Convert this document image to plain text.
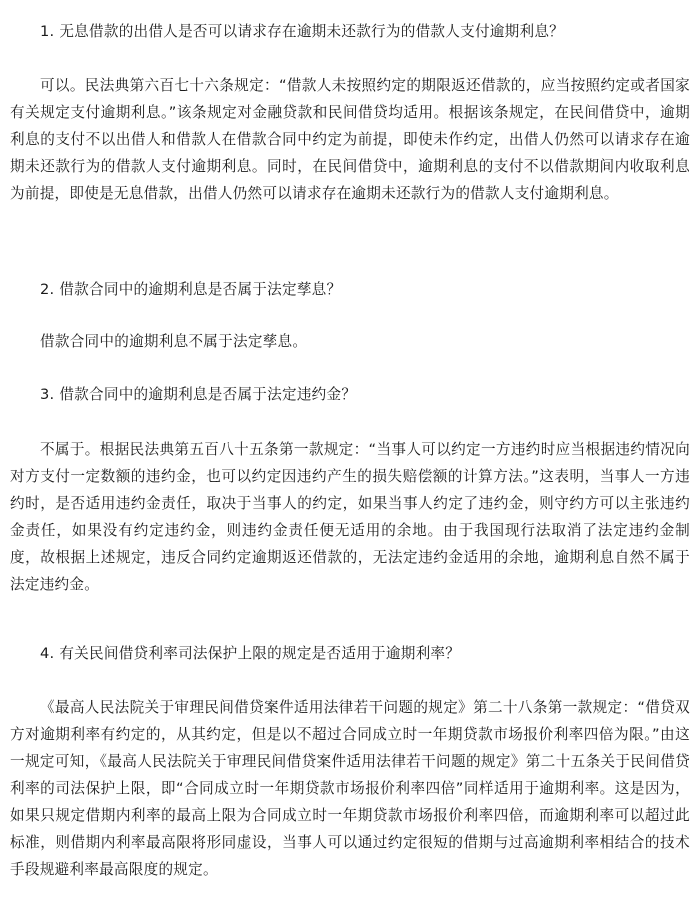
1. 无息借款的出借人是否可以请求存在逾期未还款行为的借款人支付逾期利息？

可以。民法典第六百七十六条规定：“借款人未按照约定的期限返还借款的，应当按照约定或者国家有关规定支付逾期利息。”该条规定对金融贷款和民间借贷均适用。根据该条规定，在民间借贷中，逾期利息的支付不以出借人和借款人在借款合同中约定为前提，即使未作约定，出借人仍然可以请求存在逾期未还款行为的借款人支付逾期利息。同时，在民间借贷中，逾期利息的支付不以借款期间内收取利息为前提，即使是无息借款，出借人仍然可以请求存在逾期未还款行为的借款人支付逾期利息。

2. 借款合同中的逾期利息是否属于法定孳息？

借款合同中的逾期利息不属于法定孳息。

3. 借款合同中的逾期利息是否属于法定违约金？

不属于。根据民法典第五百八十五条第一款规定：“当事人可以约定一方违约时应当根据违约情况向对方支付一定数额的违约金，也可以约定因违约产生的损失赔偿额的计算方法。”这表明，当事人一方违约时，是否适用违约金责任，取决于当事人的约定，如果当事人约定了违约金，则守约方可以主张违约金责任，如果没有约定违约金，则违约金责任便无适用的余地。由于我国现行法取消了法定违约金制度，故根据上述规定，违反合同约定逾期返还借款的，无法定违约金适用的余地，逾期利息自然不属于法定违约金。

4. 有关民间借贷利率司法保护上限的规定是否适用于逾期利率？

《最高人民法院关于审理民间借贷案件适用法律若干问题的规定》第二十八条第一款规定：“借贷双方对逾期利率有约定的，从其约定，但是以不超过合同成立时一年期贷款市场报价利率四倍为限。”由这一规定可知，《最高人民法院关于审理民间借贷案件适用法律若干问题的规定》第二十五条关于民间借贷利率的司法保护上限，即“合同成立时一年期贷款市场报价利率四倍”同样适用于逾期利率。这是因为，如果只规定借期内利率的最高上限为合同成立时一年期贷款市场报价利率四倍，而逾期利率可以超过此标准，则借期内利率最高限将形同虚设，当事人可以通过约定很短的借期与过高逾期利率相结合的技术手段规避利率最高限度的规定。
